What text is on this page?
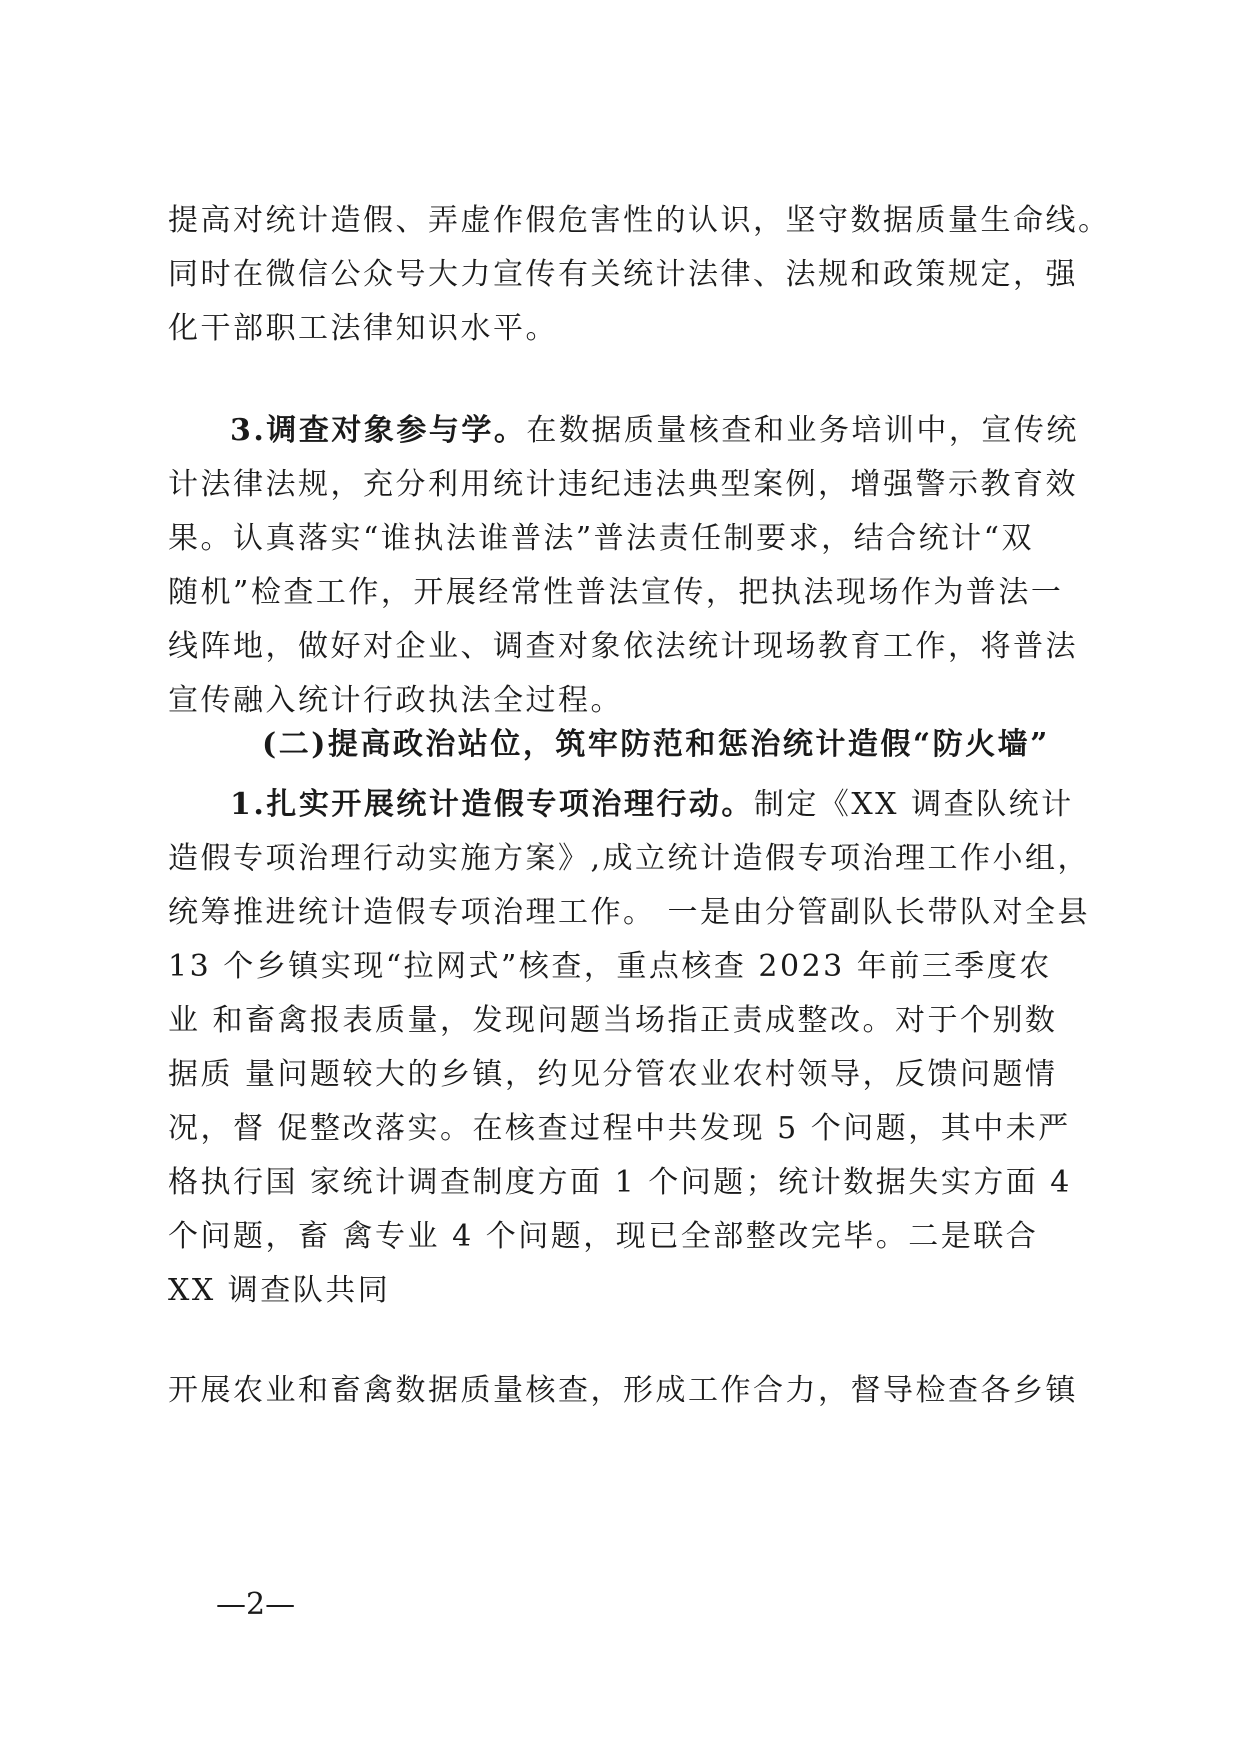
提高对统计造假、弄虚作假危害性的认识，坚守数据质量生命线。
同时在微信公众号大力宣传有关统计法律、法规和政策规定，强
化干部职工法律知识水平。
3.调查对象参与学。在数据质量核查和业务培训中，宣传统
计法律法规，充分利用统计违纪违法典型案例，增强警示教育效
果。认真落实“谁执法谁普法”普法责任制要求，结合统计“双
随机”检查工作，开展经常性普法宣传，把执法现场作为普法一
线阵地，做好对企业、调查对象依法统计现场教育工作，将普法
宣传融入统计行政执法全过程。
(二)提高政治站位，筑牢防范和惩治统计造假“防火墙”
1.扎实开展统计造假专项治理行动。制定《XX 调查队统计
造假专项治理行动实施方案》,成立统计造假专项治理工作小组，
统筹推进统计造假专项治理工作。 一是由分管副队长带队对全县
13 个乡镇实现“拉网式”核查，重点核查 2023 年前三季度农
业 和畜禽报表质量，发现问题当场指正责成整改。对于个别数
据质 量问题较大的乡镇，约见分管农业农村领导，反馈问题情
况，督 促整改落实。在核查过程中共发现 5 个问题，其中未严
格执行国 家统计调查制度方面 1 个问题；统计数据失实方面 4
个问题，畜 禽专业 4 个问题，现已全部整改完毕。二是联合
XX 调查队共同
开展农业和畜禽数据质量核查，形成工作合力，督导检查各乡镇
—2—
